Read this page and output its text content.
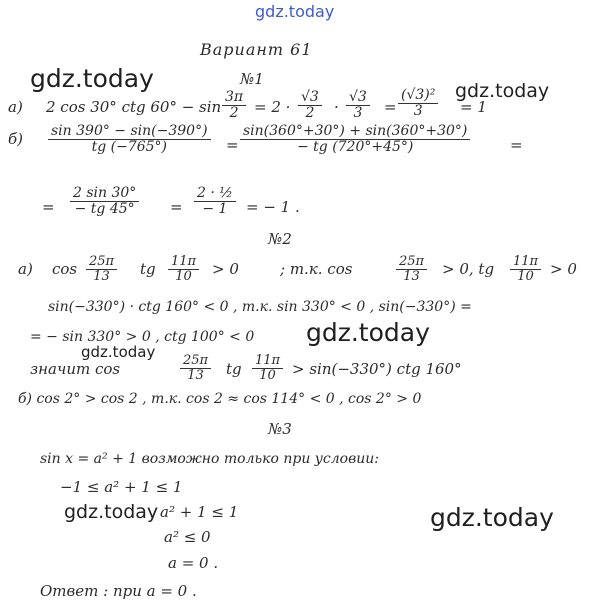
gdz.today
gdz.today	gdz.today
gdz.today
gdz.today
gdz.today	gdz.today
Вариант 61
№1
а) 2 cos 30° ctg $60^\circ - \sin \frac{3\pi}{2} = 2 \cdot \frac{√3}{2} \cdot \frac{√3}{3} = \frac{\text{(√3)²}}{3} = 1$
$б) \frac{\sin 390^\circ - \sin(-390^\circ)}{tg (-765^\circ)} = \frac{\sin(360^\circ+30^\circ) + \sin(360^\circ+30^\circ)}{- tg (720^\circ+45^\circ)}$	=
= $\frac{2 \sin 30^\circ}{- tg 45^\circ} = \frac{\text{2 · ½}}{- 1}$ = − 1 .
№2
а) $\cos \frac{25\pi}{13}$ tg $\frac{11\pi}{10} > 0$	; т.к. cos	$\frac{25\pi}{13} > 0$, tg $\frac{11\pi}{10} > 0$
sin(−330°) · ctg 160° < 0 , т.к. sin 330° < 0 , sin(−330°) =
= − sin 330° > 0 , ctg 100° < 0
значит cos	$\frac{25\pi}{13}$ tg $\frac{11\pi}{10} > \sin(-330^\circ)$ ctg 160°
б) cos 2° > cos 2 , т.к. cos 2 ≈ cos 114° < 0 , cos 2° > 0
№3
sin x = a² + 1 возможно только при условии:
−1 ≤ a² + 1 ≤ 1
a² + 1 ≤ 1
a² ≤ 0
a = 0 .
Ответ : при a = 0 .
